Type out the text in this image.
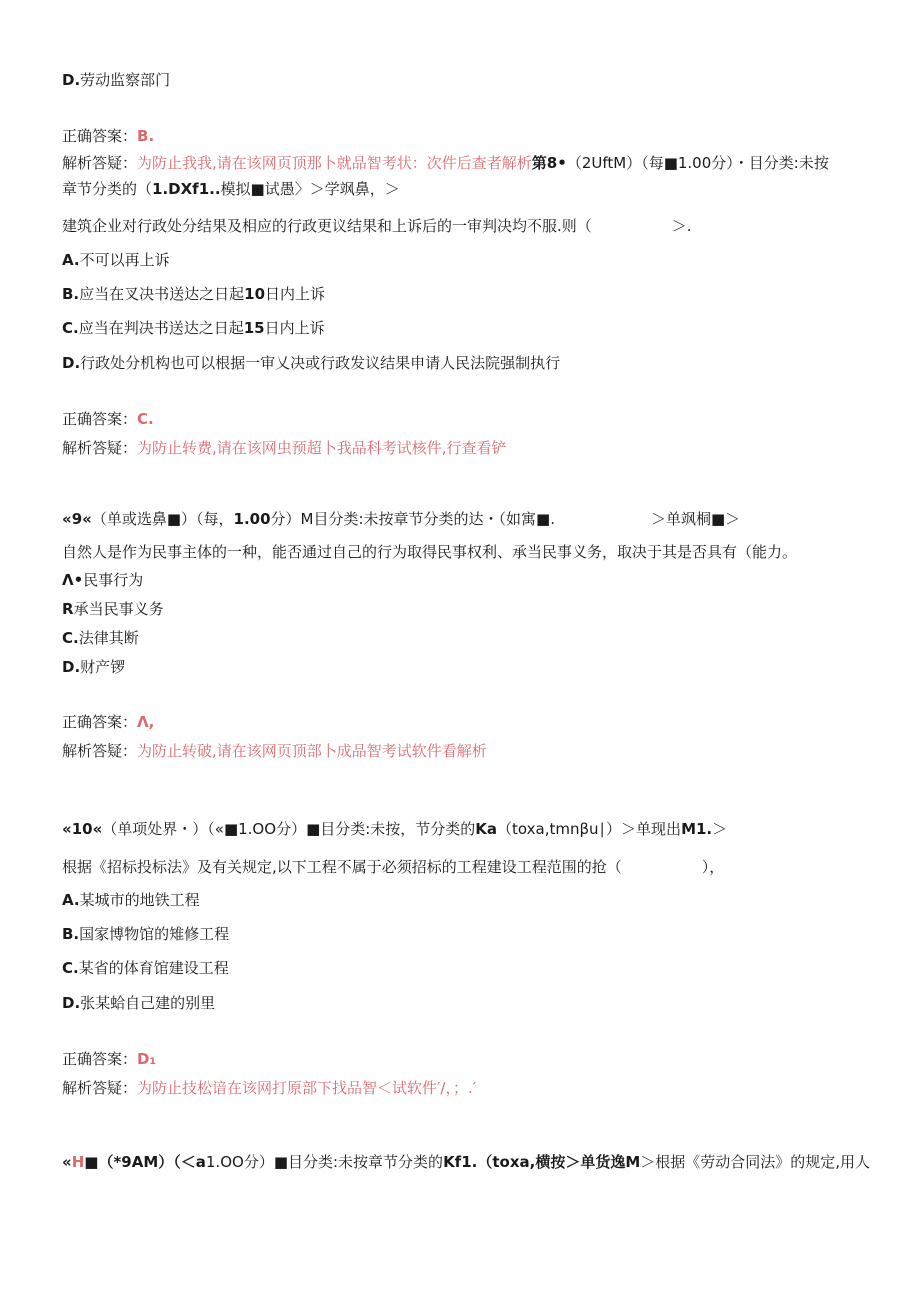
D.劳动监察部门
正确答案：B.
解析答疑：为防止我我,请在该网页顶那卜就品智考状：次件后查者解析第8•（2UftM）（每■1.00分）・目分类:未按
章节分类的（1.DXf1..模拟■试愚〉＞学飒鼻，＞
建筑企业对行政处分结果及相应的行政更议结果和上诉后的一审判决均不服.则（	＞.
A.不可以再上诉
B.应当在叉决书送达之日起10日内上诉
C.应当在判决书送达之日起15日内上诉
D.行政处分机构也可以根据一审乂决或行政发议结果申请人民法院强制执行
正确答案：C.
解析答疑：为防止转费,请在该网虫预超卜我品科考试核件,行查看铲
«9«（单或选鼻■）（每，1.00分）M目分类:未按章节分类的达・（如寓■.	＞单飒桐■＞
自然人是作为民事主体的一种，能否通过自己的行为取得民事权利、承当民事义务，取决于其是否具有（能力。
Λ•民事行为
R承当民事义务
C.法律其断
D.财产锣
正确答案：Λ,
解析答疑：为防止转破,请在该网页顶部卜成品智考试软件看解析
«10«（单项处界・）（«■1.OO分）■目分类:未按，节分类的Ka（toxa,tmnβu∣）＞单现出M1.＞
根据《招标投标法》及有关规定,以下工程不属于必须招标的工程建设工程范围的抢（	），
A.某城市的地铁工程
B.国家博物馆的雉修工程
C.某省的体育馆建设工程
D.张某蛤自己建的别里
正确答案：D₁
解析答疑：为防止技松谙在该网打原部下找品智＜试软件′∕，；.′
«H■（*9AM）（＜a1.OO分）■目分类:未按章节分类的Kf1.（toxa,横按＞单货逸M＞根据《劳动合同法》的规定,用人
